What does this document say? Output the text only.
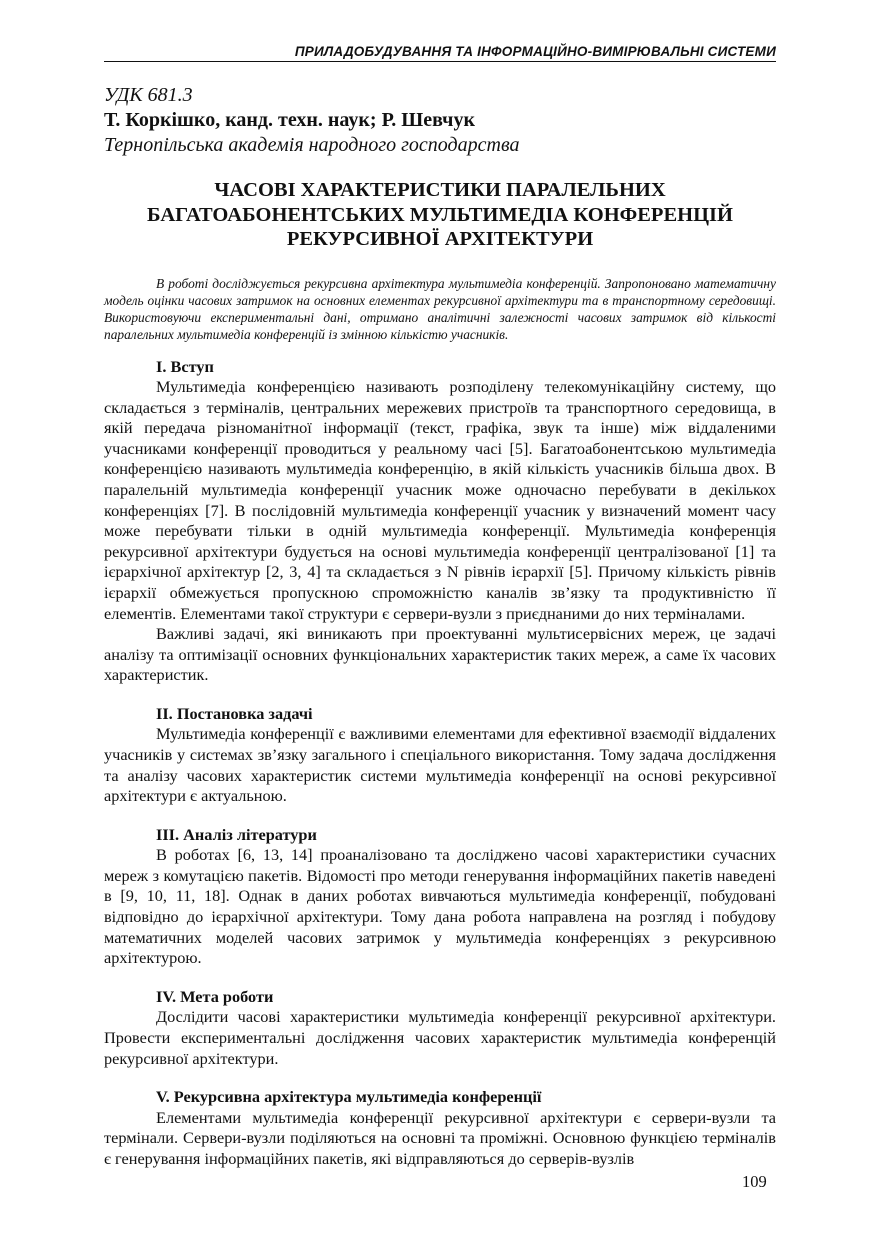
ПРИЛАДОБУДУВАННЯ ТА ІНФОРМАЦІЙНО-ВИМІРЮВАЛЬНІ СИСТЕМИ

УДК 681.3

Т. Коркішко, канд. техн. наук; Р. Шевчук

Тернопільська академія народного господарства

ЧАСОВІ ХАРАКТЕРИСТИКИ ПАРАЛЕЛЬНИХ
БАГАТОАБОНЕНТСЬКИХ МУЛЬТИМЕДІА КОНФЕРЕНЦІЙ
РЕКУРСИВНОЇ АРХІТЕКТУРИ

В роботі досліджується рекурсивна архітектура мультимедіа конференцій. Запропоновано математичну модель оцінки часових затримок на основних елементах рекурсивної архітектури та в транспортному середовищі. Використовуючи експериментальні дані, отримано аналітичні залежності часових затримок від кількості паралельних мультимедіа конференцій із змінною кількістю учасників.

I. Вступ

Мультимедіа конференцією називають розподілену телекомунікаційну систему, що складається з терміналів, центральних мережевих пристроїв та транспортного середовища, в якій передача різноманітної інформації (текст, графіка, звук та інше) між віддаленими учасниками конференції проводиться у реальному часі [5]. Багатоабонентською мультимедіа конференцією називають мультимедіа конференцію, в якій кількість учасників більша двох. В паралельній мультимедіа конференції учасник може одночасно перебувати в декількох конференціях [7]. В послідовній мультимедіа конференції учасник у визначений момент часу може перебувати тільки в одній мультимедіа конференції. Мультимедіа конференція рекурсивної архітектури будується на основі мультимедіа конференції централізованої [1] та ієрархічної архітектур [2, 3, 4] та складається з N рівнів ієрархії [5]. Причому кількість рівнів ієрархії обмежується пропускною спроможністю каналів зв’язку та продуктивністю її елементів. Елементами такої структури є сервери-вузли з приєднаними до них терміналами.

Важливі задачі, які виникають при проектуванні мультисервісних мереж, це задачі аналізу та оптимізації основних функціональних характеристик таких мереж, а саме їх часових характеристик.

II. Постановка задачі

Мультимедіа конференції є важливими елементами для ефективної взаємодії віддалених учасників у системах зв’язку загального і спеціального використання. Тому задача дослідження та аналізу часових характеристик системи мультимедіа конференції на основі рекурсивної архітектури є актуальною.

III. Аналіз літератури

В роботах [6, 13, 14] проаналізовано та досліджено часові характеристики сучасних мереж з комутацією пакетів. Відомості про методи генерування інформаційних пакетів наведені в [9, 10, 11, 18]. Однак в даних роботах вивчаються мультимедіа конференції, побудовані відповідно до ієрархічної архітектури. Тому дана робота направлена на розгляд і побудову математичних моделей часових затримок у мультимедіа конференціях з рекурсивною архітектурою.

IV. Мета роботи

Дослідити часові характеристики мультимедіа конференції рекурсивної архітектури. Провести експериментальні дослідження часових характеристик мультимедіа конференцій рекурсивної архітектури.

V. Рекурсивна архітектура мультимедіа конференції

Елементами мультимедіа конференції рекурсивної архітектури є сервери-вузли та термінали. Сервери-вузли поділяються на основні та проміжні. Основною функцією терміналів є генерування інформаційних пакетів, які відправляються до серверів-вузлів

109
